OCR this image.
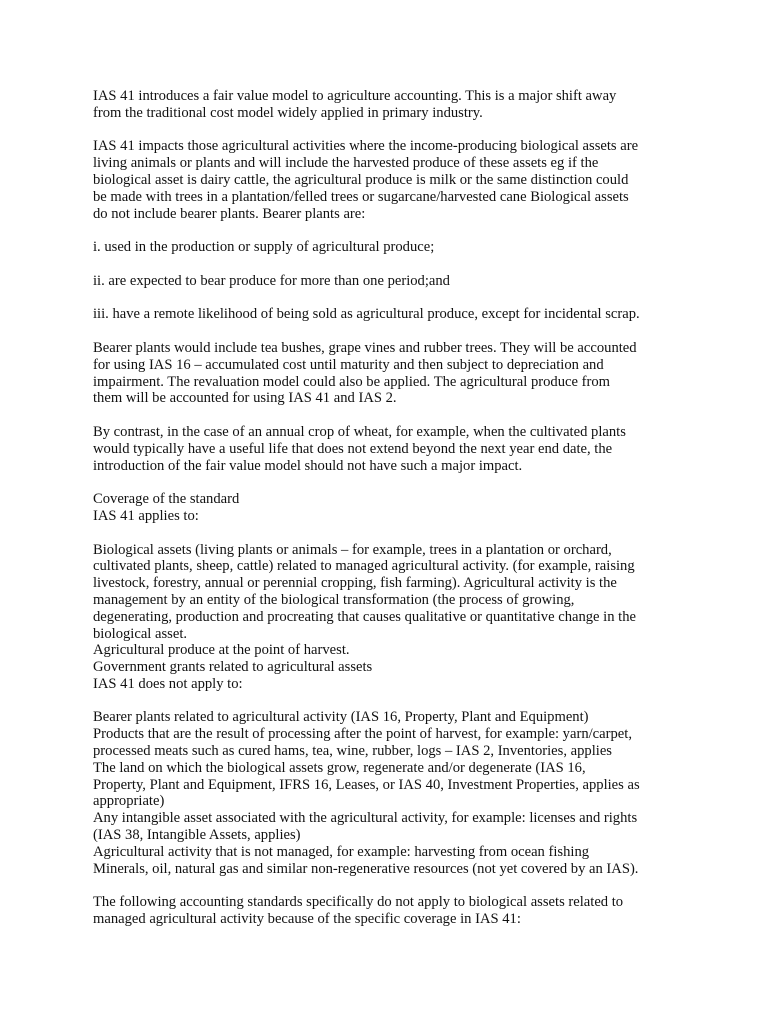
IAS 41 introduces a fair value model to agriculture accounting. This is a major shift away
from the traditional cost model widely applied in primary industry.

IAS 41 impacts those agricultural activities where the income-producing biological assets are
living animals or plants and will include the harvested produce of these assets eg if the
biological asset is dairy cattle, the agricultural produce is milk or the same distinction could
be made with trees in a plantation/felled trees or sugarcane/harvested cane Biological assets
do not include bearer plants. Bearer plants are:

i. used in the production or supply of agricultural produce;

ii. are expected to bear produce for more than one period;and

iii. have a remote likelihood of being sold as agricultural produce, except for incidental scrap.

Bearer plants would include tea bushes, grape vines and rubber trees. They will be accounted
for using IAS 16 – accumulated cost until maturity and then subject to depreciation and
impairment. The revaluation model could also be applied. The agricultural produce from
them will be accounted for using IAS 41 and IAS 2.

By contrast, in the case of an annual crop of wheat, for example, when the cultivated plants
would typically have a useful life that does not extend beyond the next year end date, the
introduction of the fair value model should not have such a major impact.

Coverage of the standard

IAS 41 applies to:

Biological assets (living plants or animals – for example, trees in a plantation or orchard,
cultivated plants, sheep, cattle) related to managed agricultural activity. (for example, raising
livestock, forestry, annual or perennial cropping, fish farming). Agricultural activity is the
management by an entity of the biological transformation (the process of growing,
degenerating, production and procreating that causes qualitative or quantitative change in the
biological asset.

Agricultural produce at the point of harvest.

Government grants related to agricultural assets

IAS 41 does not apply to:

Bearer plants related to agricultural activity (IAS 16, Property, Plant and Equipment)

Products that are the result of processing after the point of harvest, for example: yarn/carpet,
processed meats such as cured hams, tea, wine, rubber, logs – IAS 2, Inventories, applies

The land on which the biological assets grow, regenerate and/or degenerate (IAS 16,
Property, Plant and Equipment, IFRS 16, Leases, or IAS 40, Investment Properties, applies as
appropriate)

Any intangible asset associated with the agricultural activity, for example: licenses and rights
(IAS 38, Intangible Assets, applies)

Agricultural activity that is not managed, for example: harvesting from ocean fishing

Minerals, oil, natural gas and similar non-regenerative resources (not yet covered by an IAS).

The following accounting standards specifically do not apply to biological assets related to
managed agricultural activity because of the specific coverage in IAS 41:
